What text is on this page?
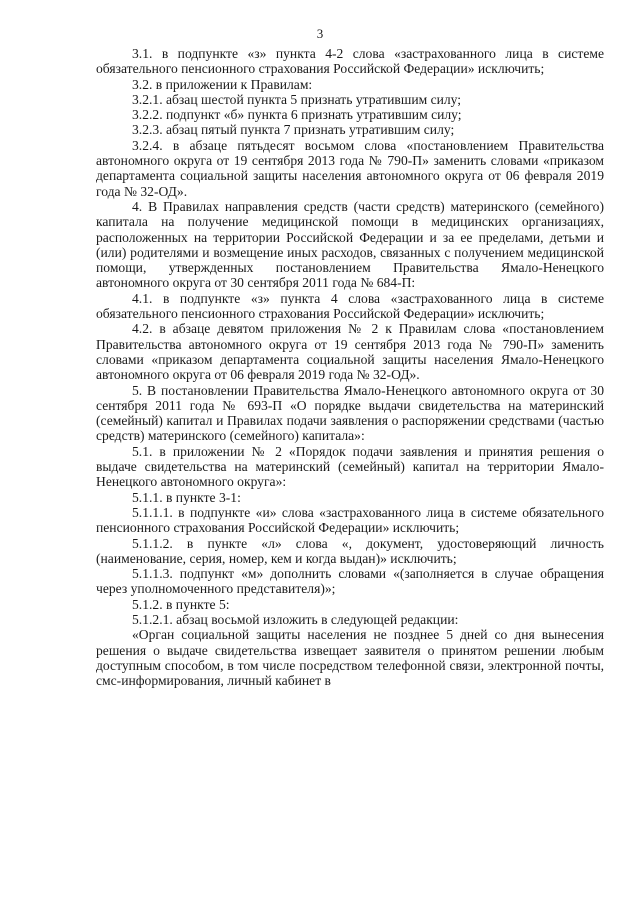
3

3.1. в подпункте «з» пункта 4-2 слова «застрахованного лица в системе обязательного пенсионного страхования Российской Федерации» исключить;

3.2. в приложении к Правилам:

3.2.1. абзац шестой пункта 5 признать утратившим силу;

3.2.2. подпункт «б» пункта 6 признать утратившим силу;

3.2.3. абзац пятый пункта 7 признать утратившим силу;

3.2.4. в абзаце пятьдесят восьмом слова «постановлением Правительства автономного округа от 19 сентября 2013 года № 790-П» заменить словами «приказом департамента социальной защиты населения автономного округа от 06 февраля 2019 года № 32-ОД».

4. В Правилах направления средств (части средств) материнского (семейного) капитала на получение медицинской помощи в медицинских организациях, расположенных на территории Российской Федерации и за ее пределами, детьми и (или) родителями и возмещение иных расходов, связанных с получением медицинской помощи, утвержденных постановлением Правительства Ямало-Ненецкого автономного округа от 30 сентября 2011 года № 684-П:

4.1. в подпункте «з» пункта 4 слова «застрахованного лица в системе обязательного пенсионного страхования Российской Федерации» исключить;

4.2. в абзаце девятом приложения № 2 к Правилам слова «постановлением Правительства автономного округа от 19 сентября 2013 года № 790-П» заменить словами «приказом департамента социальной защиты населения Ямало-Ненецкого автономного округа от 06 февраля 2019 года № 32-ОД».

5. В постановлении Правительства Ямало-Ненецкого автономного округа от 30 сентября 2011 года № 693-П «О порядке выдачи свидетельства на материнский (семейный) капитал и Правилах подачи заявления о распоряжении средствами (частью средств) материнского (семейного) капитала»:

5.1. в приложении № 2 «Порядок подачи заявления и принятия решения о выдаче свидетельства на материнский (семейный) капитал на территории Ямало-Ненецкого автономного округа»:

5.1.1. в пункте 3-1:

5.1.1.1. в подпункте «и» слова «застрахованного лица в системе обязательного пенсионного страхования Российской Федерации» исключить;

5.1.1.2. в пункте «л» слова «, документ, удостоверяющий личность (наименование, серия, номер, кем и когда выдан)» исключить;

5.1.1.3. подпункт «м» дополнить словами «(заполняется в случае обращения через уполномоченного представителя)»;

5.1.2. в пункте 5:

5.1.2.1. абзац восьмой изложить в следующей редакции:

«Орган социальной защиты населения не позднее 5 дней со дня вынесения решения о выдаче свидетельства извещает заявителя о принятом решении любым доступным способом, в том числе посредством телефонной связи, электронной почты, смс-информирования, личный кабинет в
